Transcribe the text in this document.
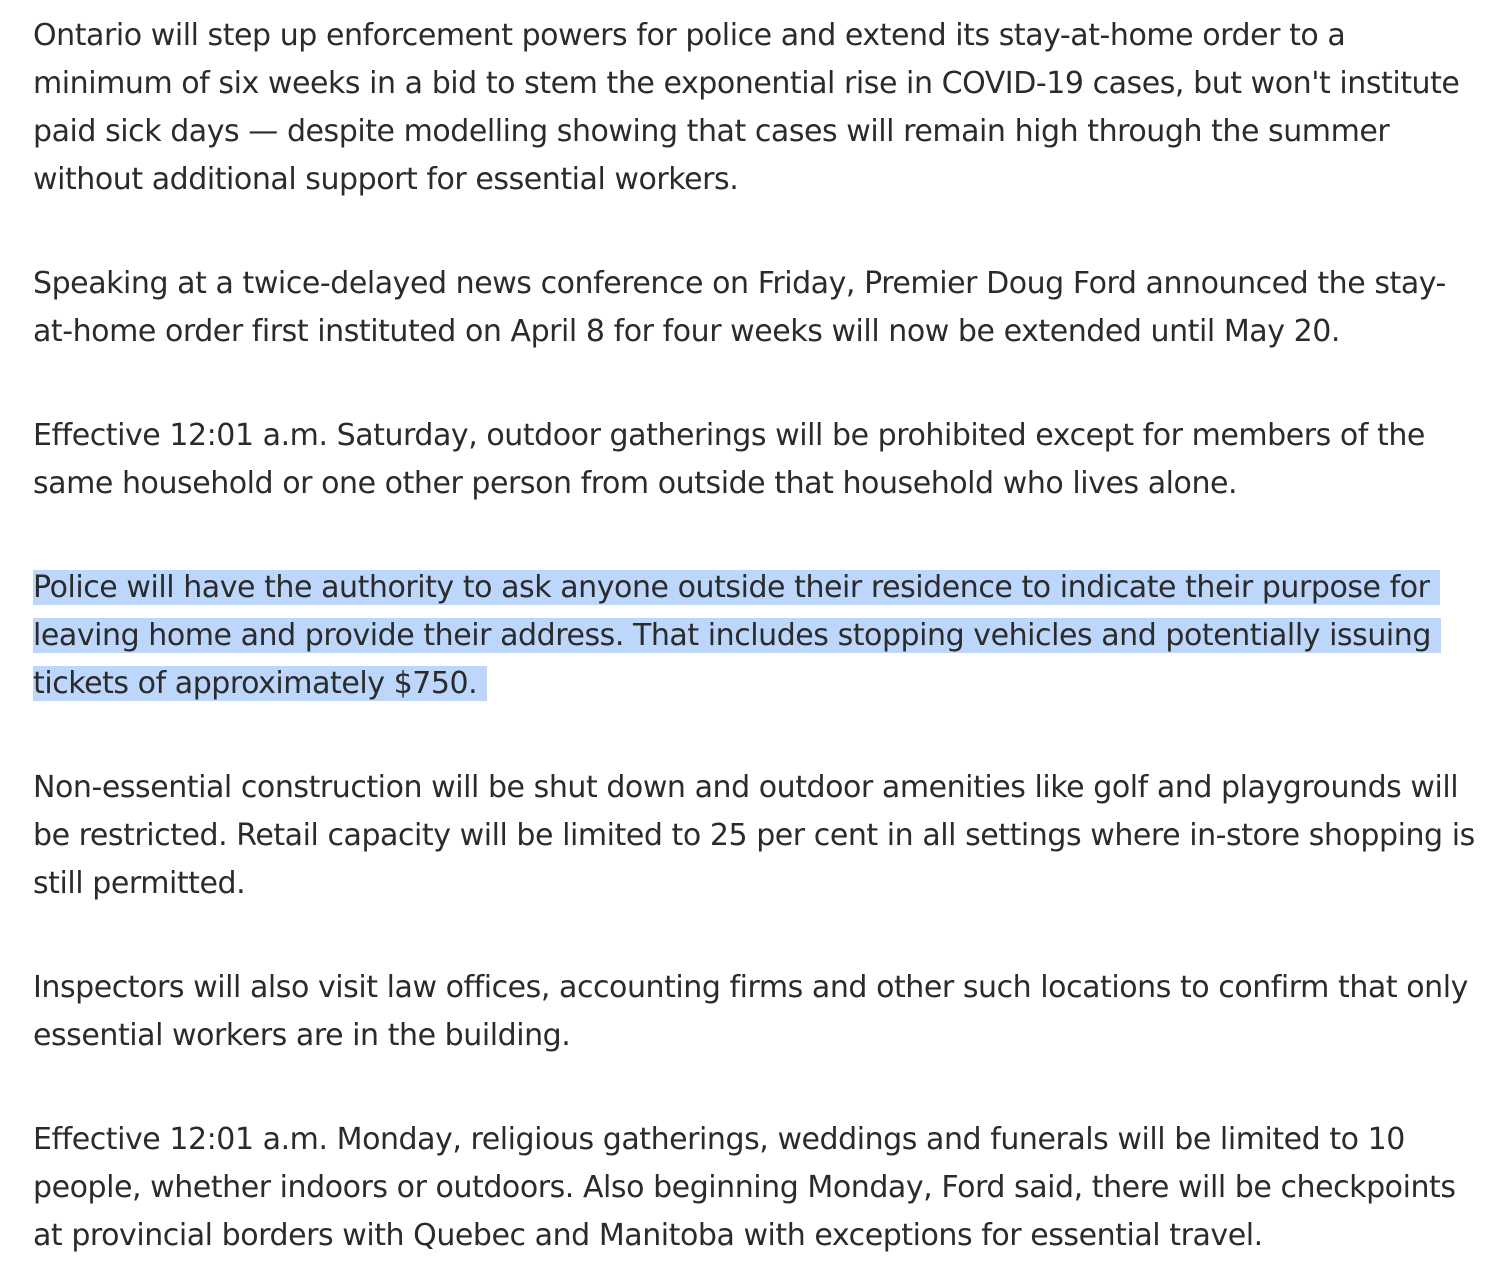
Ontario will step up enforcement powers for police and extend its stay-at-home order to a minimum of six weeks in a bid to stem the exponential rise in COVID-19 cases, but won't institute paid sick days — despite modelling showing that cases will remain high through the summer without additional support for essential workers.

Speaking at a twice-delayed news conference on Friday, Premier Doug Ford announced the stay-at-home order first instituted on April 8 for four weeks will now be extended until May 20.

Effective 12:01 a.m. Saturday, outdoor gatherings will be prohibited except for members of the same household or one other person from outside that household who lives alone.

Police will have the authority to ask anyone outside their residence to indicate their purpose for leaving home and provide their address. That includes stopping vehicles and potentially issuing tickets of approximately $750.

Non-essential construction will be shut down and outdoor amenities like golf and playgrounds will be restricted. Retail capacity will be limited to 25 per cent in all settings where in-store shopping is still permitted.

Inspectors will also visit law offices, accounting firms and other such locations to confirm that only essential workers are in the building.

Effective 12:01 a.m. Monday, religious gatherings, weddings and funerals will be limited to 10 people, whether indoors or outdoors. Also beginning Monday, Ford said, there will be checkpoints at provincial borders with Quebec and Manitoba with exceptions for essential travel.
